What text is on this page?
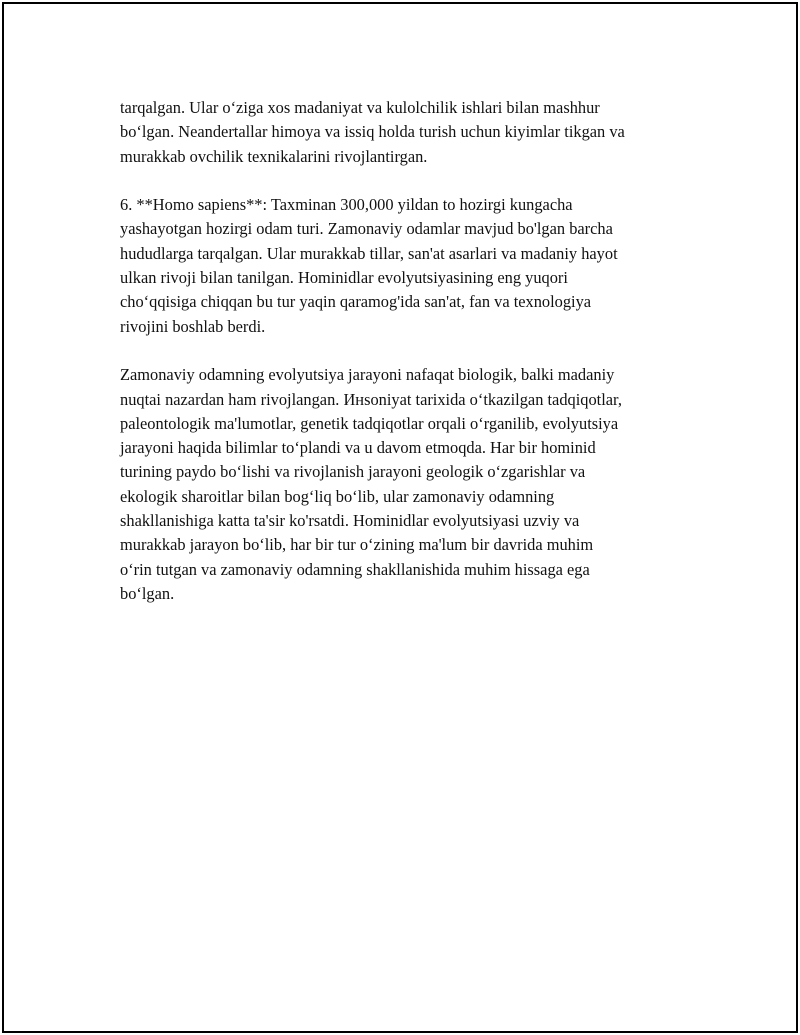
tarqalgan. Ular o‘ziga xos madaniyat va kulolchilik ishlari bilan mashhur
bo‘lgan. Neandertallar himoya va issiq holda turish uchun kiyimlar tikgan va
murakkab ovchilik texnikalarini rivojlantirgan.

6. **Homo sapiens**: Taxminan 300,000 yildan to hozirgi kungacha
yashayotgan hozirgi odam turi. Zamonaviy odamlar mavjud bo'lgan barcha
hududlarga tarqalgan. Ular murakkab tillar, san'at asarlari va madaniy hayot
ulkan rivoji bilan tanilgan. Hominidlar evolyutsiyasining eng yuqori
cho‘qqisiga chiqqan bu tur yaqin qaramog'ida san'at, fan va texnologiya
rivojini boshlab berdi.

Zamonaviy odamning evolyutsiya jarayoni nafaqat biologik, balki madaniy
nuqtai nazardan ham rivojlangan. Инsoniyat tarixida o‘tkazilgan tadqiqotlar,
paleontologik ma'lumotlar, genetik tadqiqotlar orqali o‘rganilib, evolyutsiya
jarayoni haqida bilimlar to‘plandi va u davom etmoqda. Har bir hominid
turining paydo bo‘lishi va rivojlanish jarayoni geologik o‘zgarishlar va
ekologik sharoitlar bilan bog‘liq bo‘lib, ular zamonaviy odamning
shakllanishiga katta ta'sir ko'rsatdi. Hominidlar evolyutsiyasi uzviy va
murakkab jarayon bo‘lib, har bir tur o‘zining ma'lum bir davrida muhim
o‘rin tutgan va zamonaviy odamning shakllanishida muhim hissaga ega
bo‘lgan.
